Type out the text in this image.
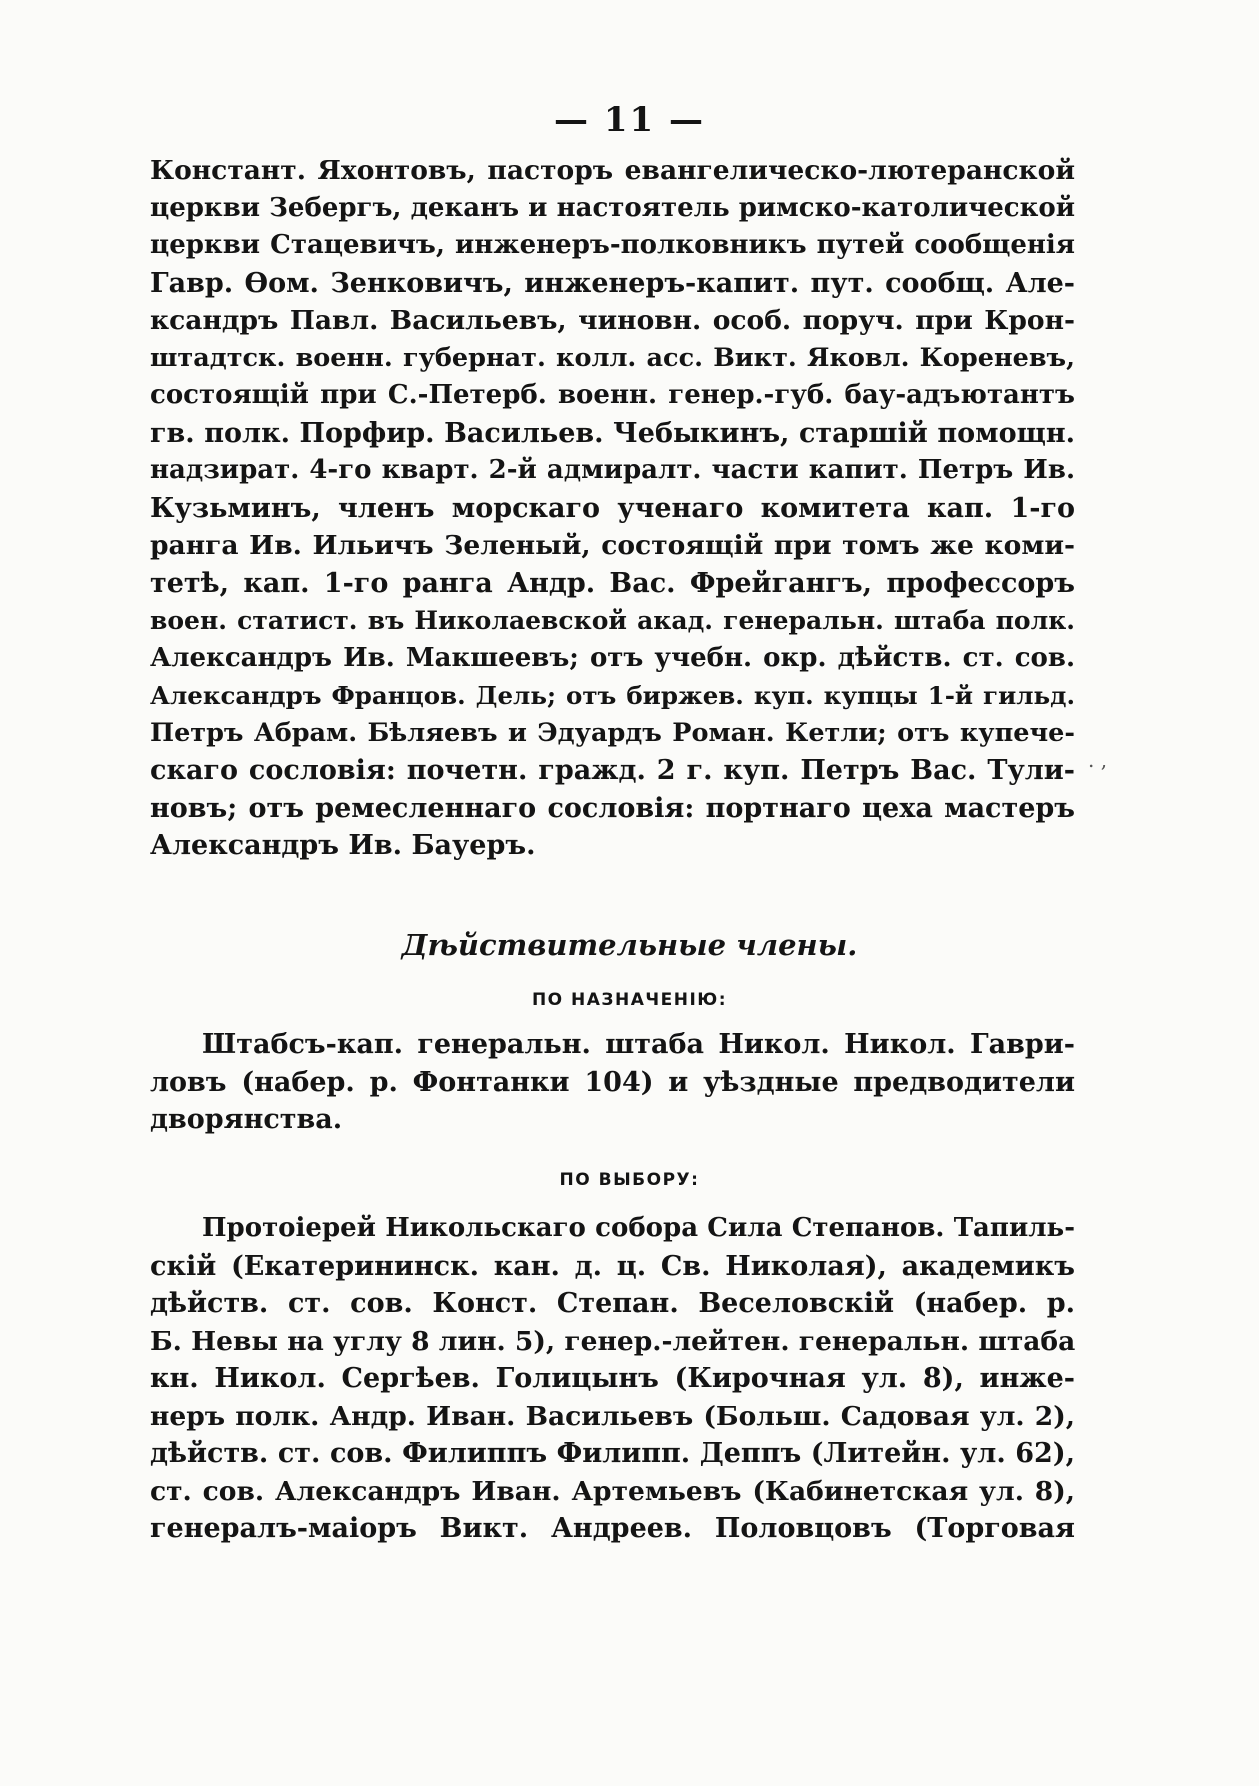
— 11 —
Констант. Яхонтовъ, пасторъ евангелическо-лютеранской
церкви Зебергъ, деканъ и настоятель римско-католической
церкви Стацевичъ, инженеръ-полковникъ путей сообщенія
Гавр. Ѳом. Зенковичъ, инженеръ-капит. пут. сообщ. Але-
ксандръ Павл. Васильевъ, чиновн. особ. поруч. при Крон-
штадтск. военн. губернат. колл. асс. Викт. Яковл. Кореневъ,
состоящій при С.-Петерб. военн. генер.-губ. бау-адъютантъ
гв. полк. Порфир. Васильев. Чебыкинъ, старшій помощн.
надзират. 4-го кварт. 2-й адмиралт. части капит. Петръ Ив.
Кузьминъ, членъ морскаго ученаго комитета кап. 1-го
ранга Ив. Ильичъ Зеленый, состоящій при томъ же коми-
тетѣ, кап. 1-го ранга Андр. Вас. Фрейгангъ, профессоръ
воен. статист. въ Николаевской акад. генеральн. штаба полк.
Александръ Ив. Макшеевъ; отъ учебн. окр. дѣйств. ст. сов.
Александръ Францов. Дель; отъ биржев. куп. купцы 1-й гильд.
Петръ Абрам. Бѣляевъ и Эдуардъ Роман. Кетли; отъ купече-
скаго сословія: почетн. гражд. 2 г. куп. Петръ Вас. Тули-
новъ; отъ ремесленнаго сословія: портнаго цеха мастеръ
Александръ Ив. Бауеръ.
. ,
Дѣйствительные члены.
ПО НАЗНАЧЕНІЮ:
Штабсъ-кап. генеральн. штаба Никол. Никол. Гаври-
ловъ (набер. р. Фонтанки 104) и уѣздные предводители
дворянства.
ПО ВЫБОРУ:
Протоіерей Никольскаго собора Сила Степанов. Тапиль-
скій (Екатерининск. кан. д. ц. Св. Николая), академикъ
дѣйств. ст. сов. Конст. Степан. Веселовскій (набер. р.
Б. Невы на углу 8 лин. 5), генер.-лейтен. генеральн. штаба
кн. Никол. Сергѣев. Голицынъ (Кирочная ул. 8), инже-
неръ полк. Андр. Иван. Васильевъ (Больш. Садовая ул. 2),
дѣйств. ст. сов. Филиппъ Филипп. Деппъ (Литейн. ул. 62),
ст. сов. Александръ Иван. Артемьевъ (Кабинетская ул. 8),
генералъ-маіоръ Викт. Андреев. Половцовъ (Торговая
